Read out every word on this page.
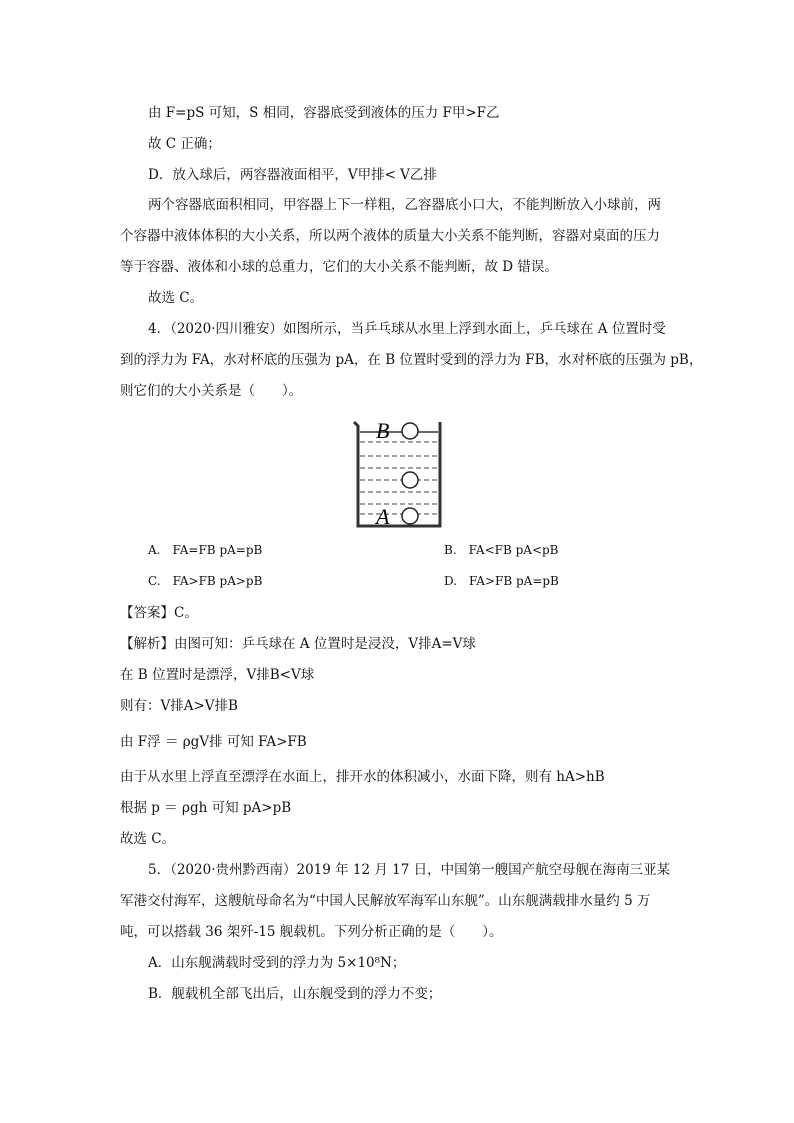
由 F=pS 可知，S 相同，容器底受到液体的压力 F甲>F乙
故 C 正确；
D．放入球后，两容器液面相平，V甲排< V乙排
两个容器底面积相同，甲容器上下一样粗，乙容器底小口大，不能判断放入小球前，两
个容器中液体体积的大小关系，所以两个液体的质量大小关系不能判断，容器对桌面的压力
等于容器、液体和小球的总重力，它们的大小关系不能判断，故 D 错误。
故选 C。
4．（2020·四川雅安）如图所示，当乒乓球从水里上浮到水面上，乒乓球在 A 位置时受
到的浮力为 FA，水对杯底的压强为 pA，在 B 位置时受到的浮力为 FB，水对杯底的压强为 pB，
则它们的大小关系是（　　）。
B
A
A.　FA=FB pA=pB	B.　FA<FB pA<pB
C.　FA>FB pA>pB	D.　FA>FB pA=pB
【答案】C。
【解析】由图可知：乒乓球在 A 位置时是浸没，V排A=V球
在 B 位置时是漂浮，V排B<V球
则有：V排A>V排B
由 F浮 ＝ ρgV排 可知 FA>FB
由于从水里上浮直至漂浮在水面上，排开水的体积减小，水面下降，则有 hA>hB
根据 p ＝ ρgh 可知 pA>pB
故选 C。
5．（2020·贵州黔西南）2019 年 12 月 17 日，中国第一艘国产航空母舰在海南三亚某
军港交付海军，这艘航母命名为“中国人民解放军海军山东舰”。山东舰满载排水量约 5 万
吨，可以搭载 36 架歼-15 舰载机。下列分析正确的是（　　）。
A．山东舰满载时受到的浮力为 5×10⁸N；
B．舰载机全部飞出后，山东舰受到的浮力不变；
